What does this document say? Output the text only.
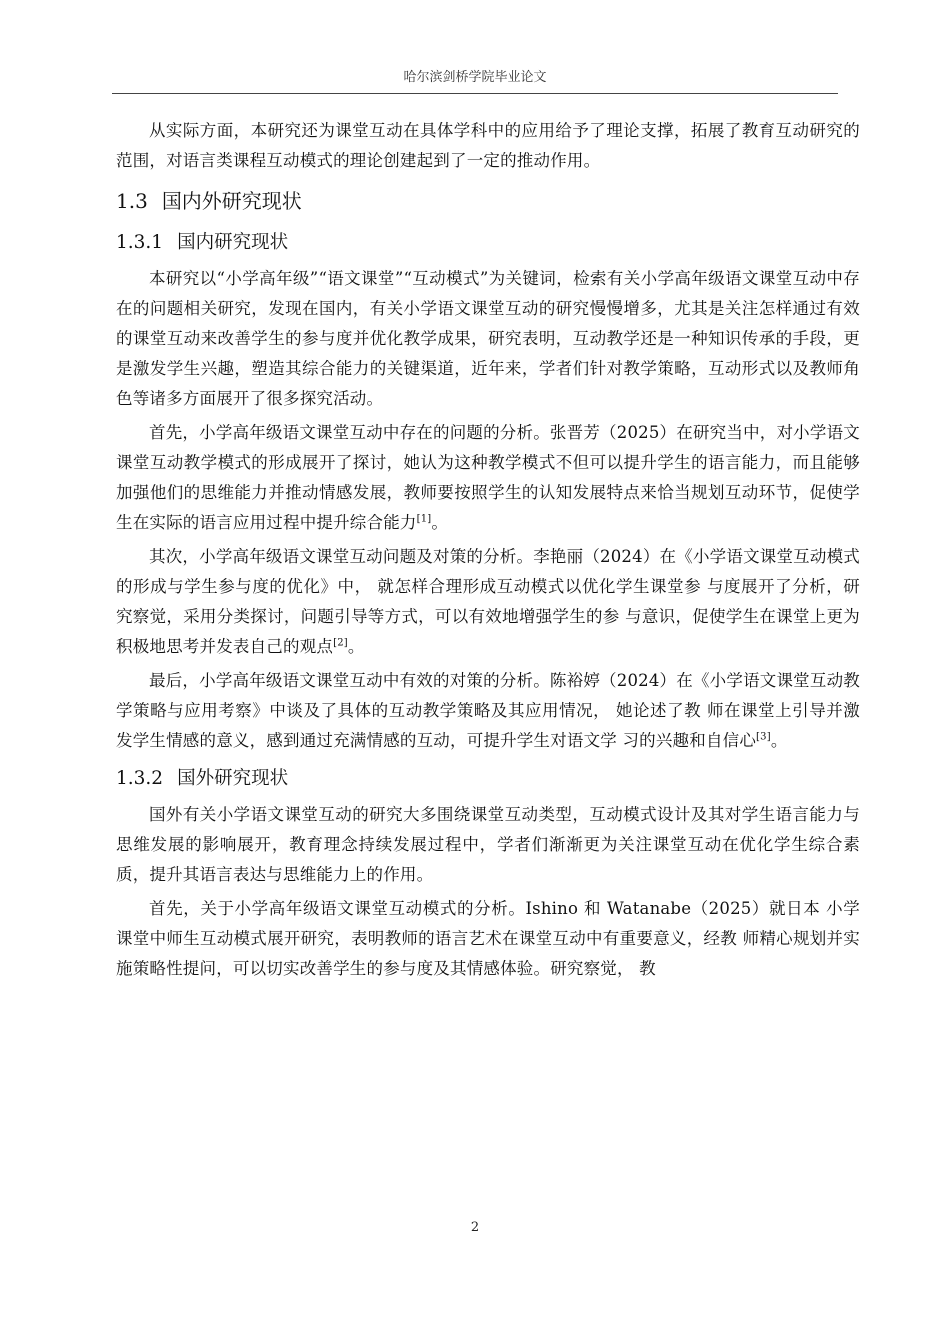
哈尔滨剑桥学院毕业论文

从实际方面，本研究还为课堂互动在具体学科中的应用给予了理论支撑，拓展了教育互动研究的范围，对语言类课程互动模式的理论创建起到了一定的推动作用。

1.3 国内外研究现状
1.3.1 国内研究现状

本研究以“小学高年级”“语文课堂”“互动模式”为关键词，检索有关小学高年级语文课堂互动中存在的问题相关研究，发现在国内，有关小学语文课堂互动的研究慢慢增多，尤其是关注怎样通过有效的课堂互动来改善学生的参与度并优化教学成果，研究表明，互动教学还是一种知识传承的手段，更是激发学生兴趣，塑造其综合能力的关键渠道，近年来，学者们针对教学策略，互动形式以及教师角色等诸多方面展开了很多探究活动。

首先，小学高年级语文课堂互动中存在的问题的分析。张晋芳（2025）在研究当中，对小学语文课堂互动教学模式的形成展开了探讨，她认为这种教学模式不但可以提升学生的语言能力，而且能够加强他们的思维能力并推动情感发展，教师要按照学生的认知发展特点来恰当规划互动环节，促使学生在实际的语言应用过程中提升综合能力[1]。

其次，小学高年级语文课堂互动问题及对策的分析。李艳丽（2024）在《小学语文课堂互动模式的形成与学生参与度的优化》中， 就怎样合理形成互动模式以优化学生课堂参 与度展开了分析，研究察觉，采用分类探讨，问题引导等方式，可以有效地增强学生的参 与意识，促使学生在课堂上更为积极地思考并发表自己的观点[2]。

最后，小学高年级语文课堂互动中有效的对策的分析。陈裕婷（2024）在《小学语文课堂互动教学策略与应用考察》中谈及了具体的互动教学策略及其应用情况， 她论述了教 师在课堂上引导并激发学生情感的意义，感到通过充满情感的互动，可提升学生对语文学 习的兴趣和自信心[3]。

1.3.2 国外研究现状

国外有关小学语文课堂互动的研究大多围绕课堂互动类型，互动模式设计及其对学生语言能力与思维发展的影响展开，教育理念持续发展过程中，学者们渐渐更为关注课堂互动在优化学生综合素质，提升其语言表达与思维能力上的作用。

首先，关于小学高年级语文课堂互动模式的分析。Ishino 和 Watanabe（2025）就日本 小学课堂中师生互动模式展开研究，表明教师的语言艺术在课堂互动中有重要意义，经教 师精心规划并实施策略性提问，可以切实改善学生的参与度及其情感体验。研究察觉， 教

2
